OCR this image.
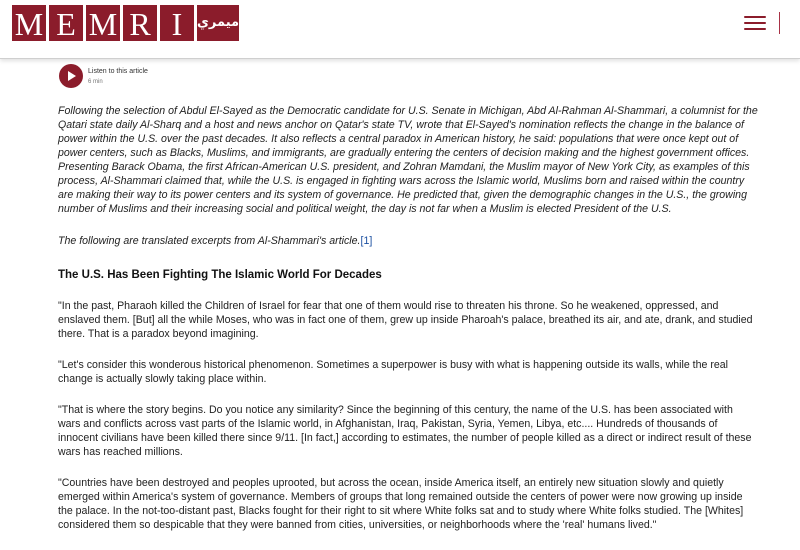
M E M R I	ميمري
Listen to this article
6 min

Following the selection of Abdul El-Sayed as the Democratic candidate for U.S. Senate in Michigan, Abd Al-Rahman Al-Shammari, a columnist for the Qatari state daily Al-Sharq and a host and news anchor on Qatar's state TV, wrote that El-Sayed's nomination reflects the change in the balance of power within the U.S. over the past decades. It also reflects a central paradox in American history, he said: populations that were once kept out of power centers, such as Blacks, Muslims, and immigrants, are gradually entering the centers of decision making and the highest government offices. Presenting Barack Obama, the first African-American U.S. president, and Zohran Mamdani, the Muslim mayor of New York City, as examples of this process, Al-Shammari claimed that, while the U.S. is engaged in fighting wars across the Islamic world, Muslims born and raised within the country are making their way to its power centers and its system of governance. He predicted that, given the demographic changes in the U.S., the growing number of Muslims and their increasing social and political weight, the day is not far when a Muslim is elected President of the U.S.

The following are translated excerpts from Al-Shammari's article.[1]

The U.S. Has Been Fighting The Islamic World For Decades

"In the past, Pharaoh killed the Children of Israel for fear that one of them would rise to threaten his throne. So he weakened, oppressed, and enslaved them. [But] all the while Moses, who was in fact one of them, grew up inside Pharoah's palace, breathed its air, and ate, drank, and studied there. That is a paradox beyond imagining.

"Let's consider this wonderous historical phenomenon. Sometimes a superpower is busy with what is happening outside its walls, while the real change is actually slowly taking place within.

"That is where the story begins. Do you notice any similarity? Since the beginning of this century, the name of the U.S. has been associated with wars and conflicts across vast parts of the Islamic world, in Afghanistan, Iraq, Pakistan, Syria, Yemen, Libya, etc.... Hundreds of thousands of innocent civilians have been killed there since 9/11. [In fact,] according to estimates, the number of people killed as a direct or indirect result of these wars has reached millions.

"Countries have been destroyed and peoples uprooted, but across the ocean, inside America itself, an entirely new situation slowly and quietly emerged within America's system of governance. Members of groups that long remained outside the centers of power were now growing up inside the palace. In the not-too-distant past, Blacks fought for their right to sit where White folks sat and to study where White folks studied. The [Whites] considered them so despicable that they were banned from cities, universities, or neighborhoods where the 'real' humans lived."
